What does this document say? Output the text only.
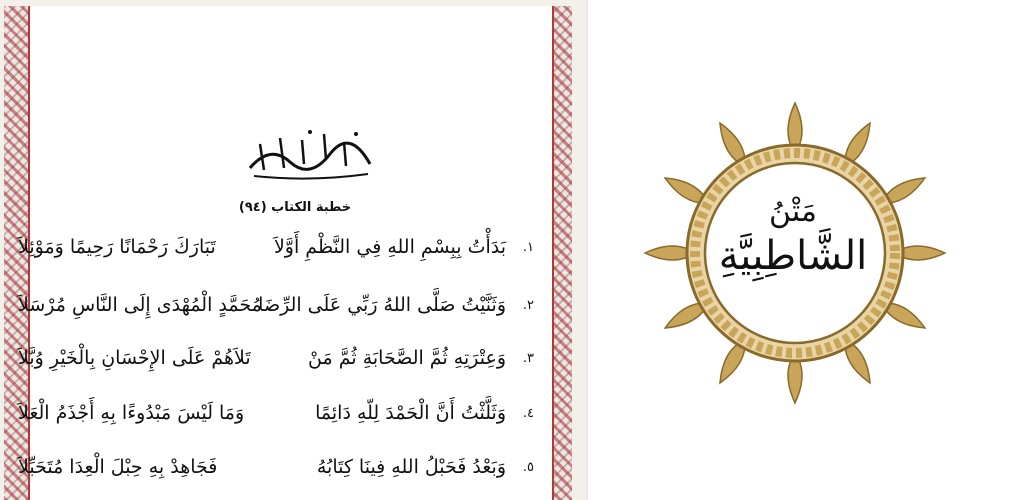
خطبة الكتاب (٩٤)
١.
بَدَأْتُ بِبِسْمِ اللهِ فِي النَّظْمِ أَوَّلاَ
تَبَارَكَ رَحْمَانًا رَحِيمًا وَمَوْئِلاَ
٢.
وَثَنَّيْتُ صَلَّى اللهُ رَبِّي عَلَى الرِّضَا
مُحَمَّدٍ الْمُهْدَى إِلَى النَّاسِ مُرْسَلاَ
٣.
وَعِتْرَتِهِ ثُمَّ الصَّحَابَةِ ثُمَّ مَنْ
تَلاَهُمْ عَلَى الإِحْسَانِ بِالْخَيْرِ وُبَّلاَ
٤.
وَثَلَّثْتُ أَنَّ الْحَمْدَ لِلّهِ دَائِمًا
وَمَا لَيْسَ مَبْدُوءًا بِهِ أَجْذَمُ الْعَلاَ
٥.
وَبَعْدُ فَحَبْلُ اللهِ فِينَا كِتَابُهُ
فَجَاهِدْ بِهِ حِبْلَ الْعِدَا مُتَحَبِّلاَ
مَتْنُ
الشَّاطِبِيَّةِ
